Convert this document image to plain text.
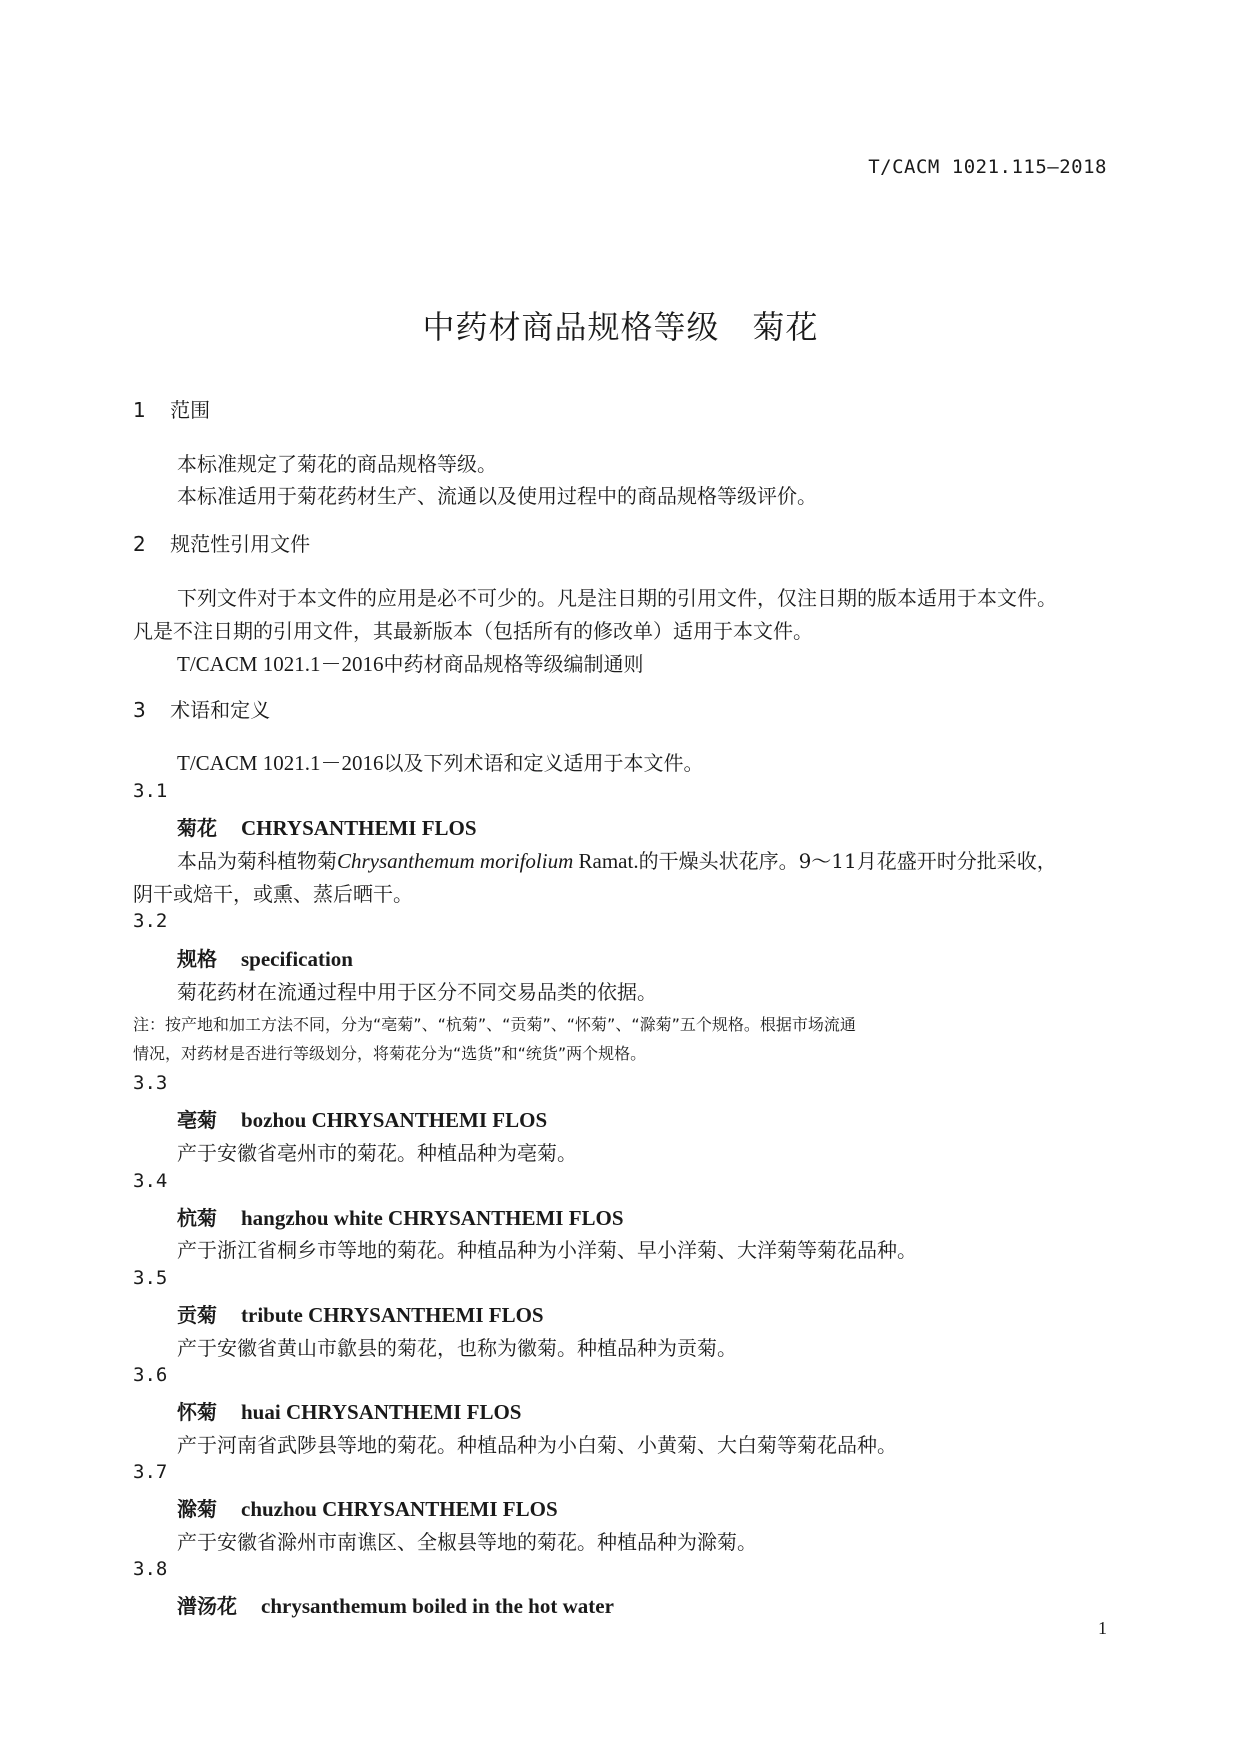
T/CACM 1021.115—2018
中药材商品规格等级　菊花
1 范围
本标准规定了菊花的商品规格等级。
本标准适用于菊花药材生产、流通以及使用过程中的商品规格等级评价。
2 规范性引用文件
下列文件对于本文件的应用是必不可少的。凡是注日期的引用文件，仅注日期的版本适用于本文件。
凡是不注日期的引用文件，其最新版本（包括所有的修改单）适用于本文件。
T/CACM 1021.1－2016中药材商品规格等级编制通则
3 术语和定义
T/CACM 1021.1－2016以及下列术语和定义适用于本文件。
3.1
菊花 CHRYSANTHEMI FLOS
本品为菊科植物菊Chrysanthemum morifolium Ramat.的干燥头状花序。9～11月花盛开时分批采收，
阴干或焙干，或熏、蒸后晒干。
3.2
规格 specification
菊花药材在流通过程中用于区分不同交易品类的依据。
注：按产地和加工方法不同，分为“亳菊”、“杭菊”、“贡菊”、“怀菊”、“滁菊”五个规格。根据市场流通
情况，对药材是否进行等级划分，将菊花分为“选货”和“统货”两个规格。
3.3
亳菊 bozhou CHRYSANTHEMI FLOS
产于安徽省亳州市的菊花。种植品种为亳菊。
3.4
杭菊 hangzhou white CHRYSANTHEMI FLOS
产于浙江省桐乡市等地的菊花。种植品种为小洋菊、早小洋菊、大洋菊等菊花品种。
3.5
贡菊 tribute CHRYSANTHEMI FLOS
产于安徽省黄山市歙县的菊花，也称为徽菊。种植品种为贡菊。
3.6
怀菊 huai CHRYSANTHEMI FLOS
产于河南省武陟县等地的菊花。种植品种为小白菊、小黄菊、大白菊等菊花品种。
3.7
滁菊 chuzhou CHRYSANTHEMI FLOS
产于安徽省滁州市南谯区、全椒县等地的菊花。种植品种为滁菊。
3.8
潽汤花 chrysanthemum boiled in the hot water
1
